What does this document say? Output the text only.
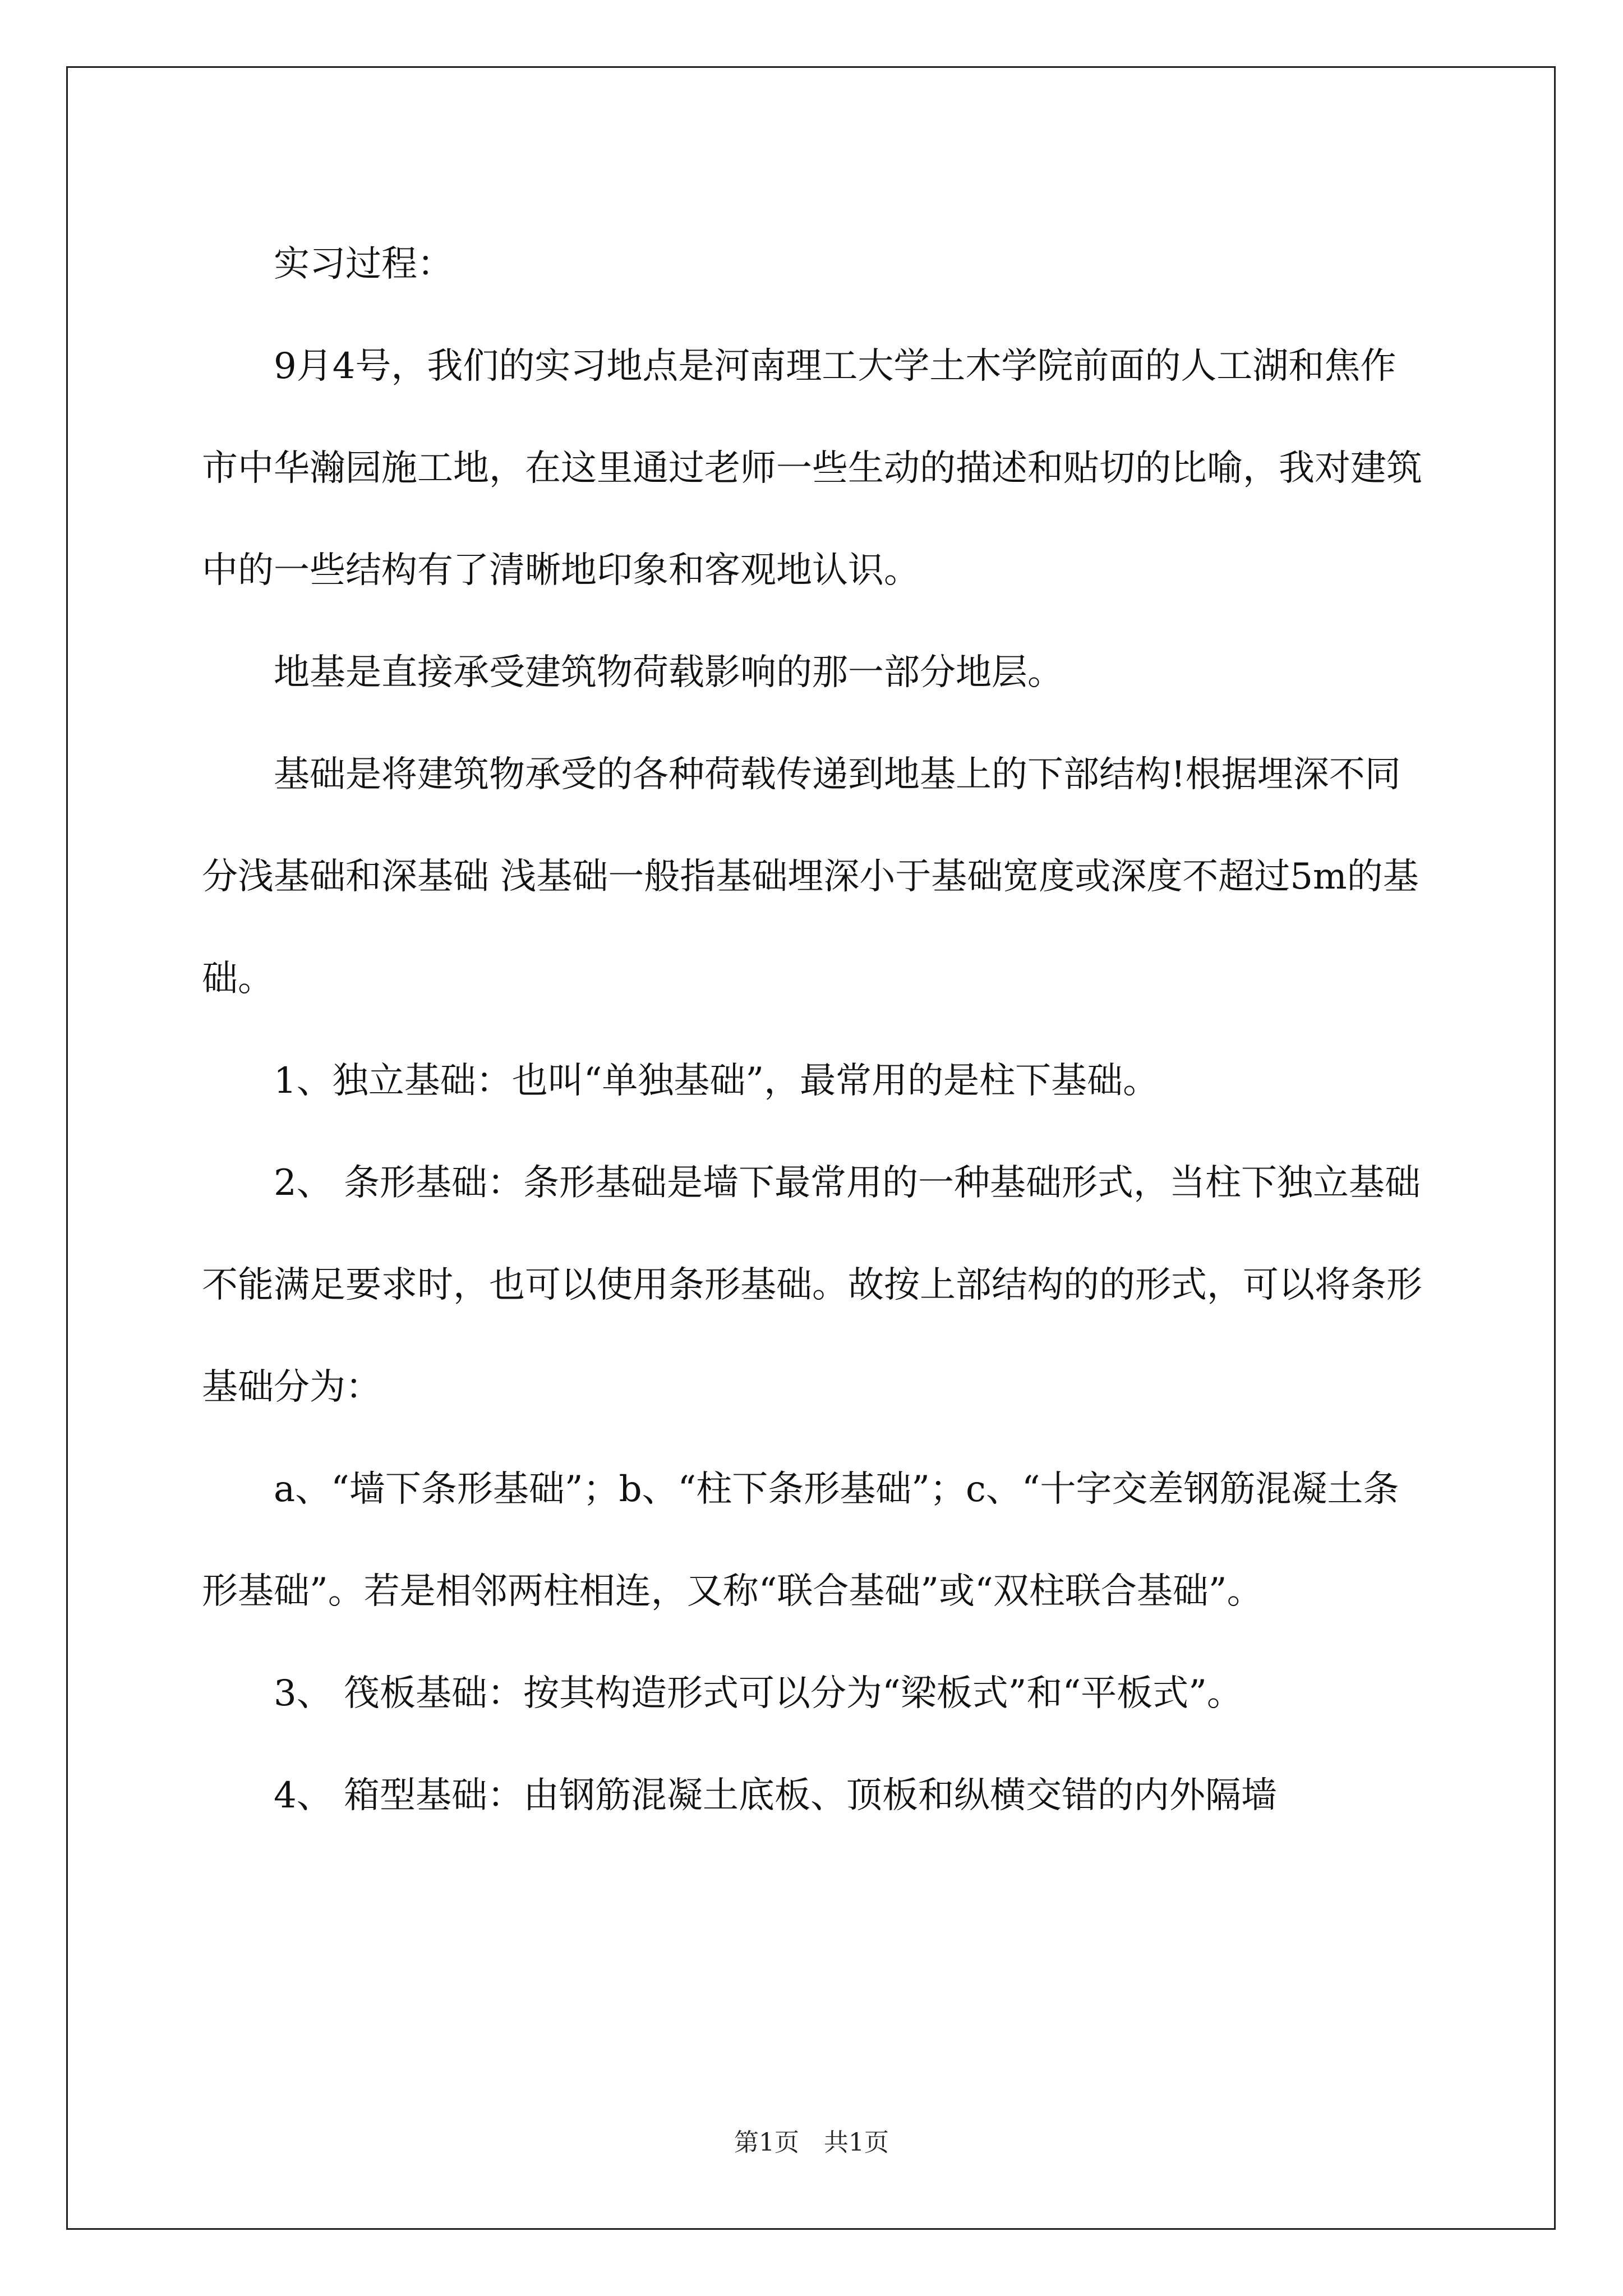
实习过程：

9月4号，我们的实习地点是河南理工大学土木学院前面的人工湖和焦作市中华瀚园施工地，在这里通过老师一些生动的描述和贴切的比喻，我对建筑中的一些结构有了清晰地印象和客观地认识。

地基是直接承受建筑物荷载影响的那一部分地层。

基础是将建筑物承受的各种荷载传递到地基上的下部结构!根据埋深不同分浅基础和深基础 浅基础一般指基础埋深小于基础宽度或深度不超过5m的基础。

1、独立基础：也叫“单独基础”，最常用的是柱下基础。

2、 条形基础：条形基础是墙下最常用的一种基础形式，当柱下独立基础不能满足要求时，也可以使用条形基础。故按上部结构的的形式，可以将条形基础分为：

a、“墙下条形基础”；b、“柱下条形基础”；c、“十字交差钢筋混凝土条形基础”。若是相邻两柱相连，又称“联合基础”或“双柱联合基础”。

3、 筏板基础：按其构造形式可以分为“梁板式”和“平板式”。

4、 箱型基础：由钢筋混凝土底板、顶板和纵横交错的内外隔墙

第1页　共1页
